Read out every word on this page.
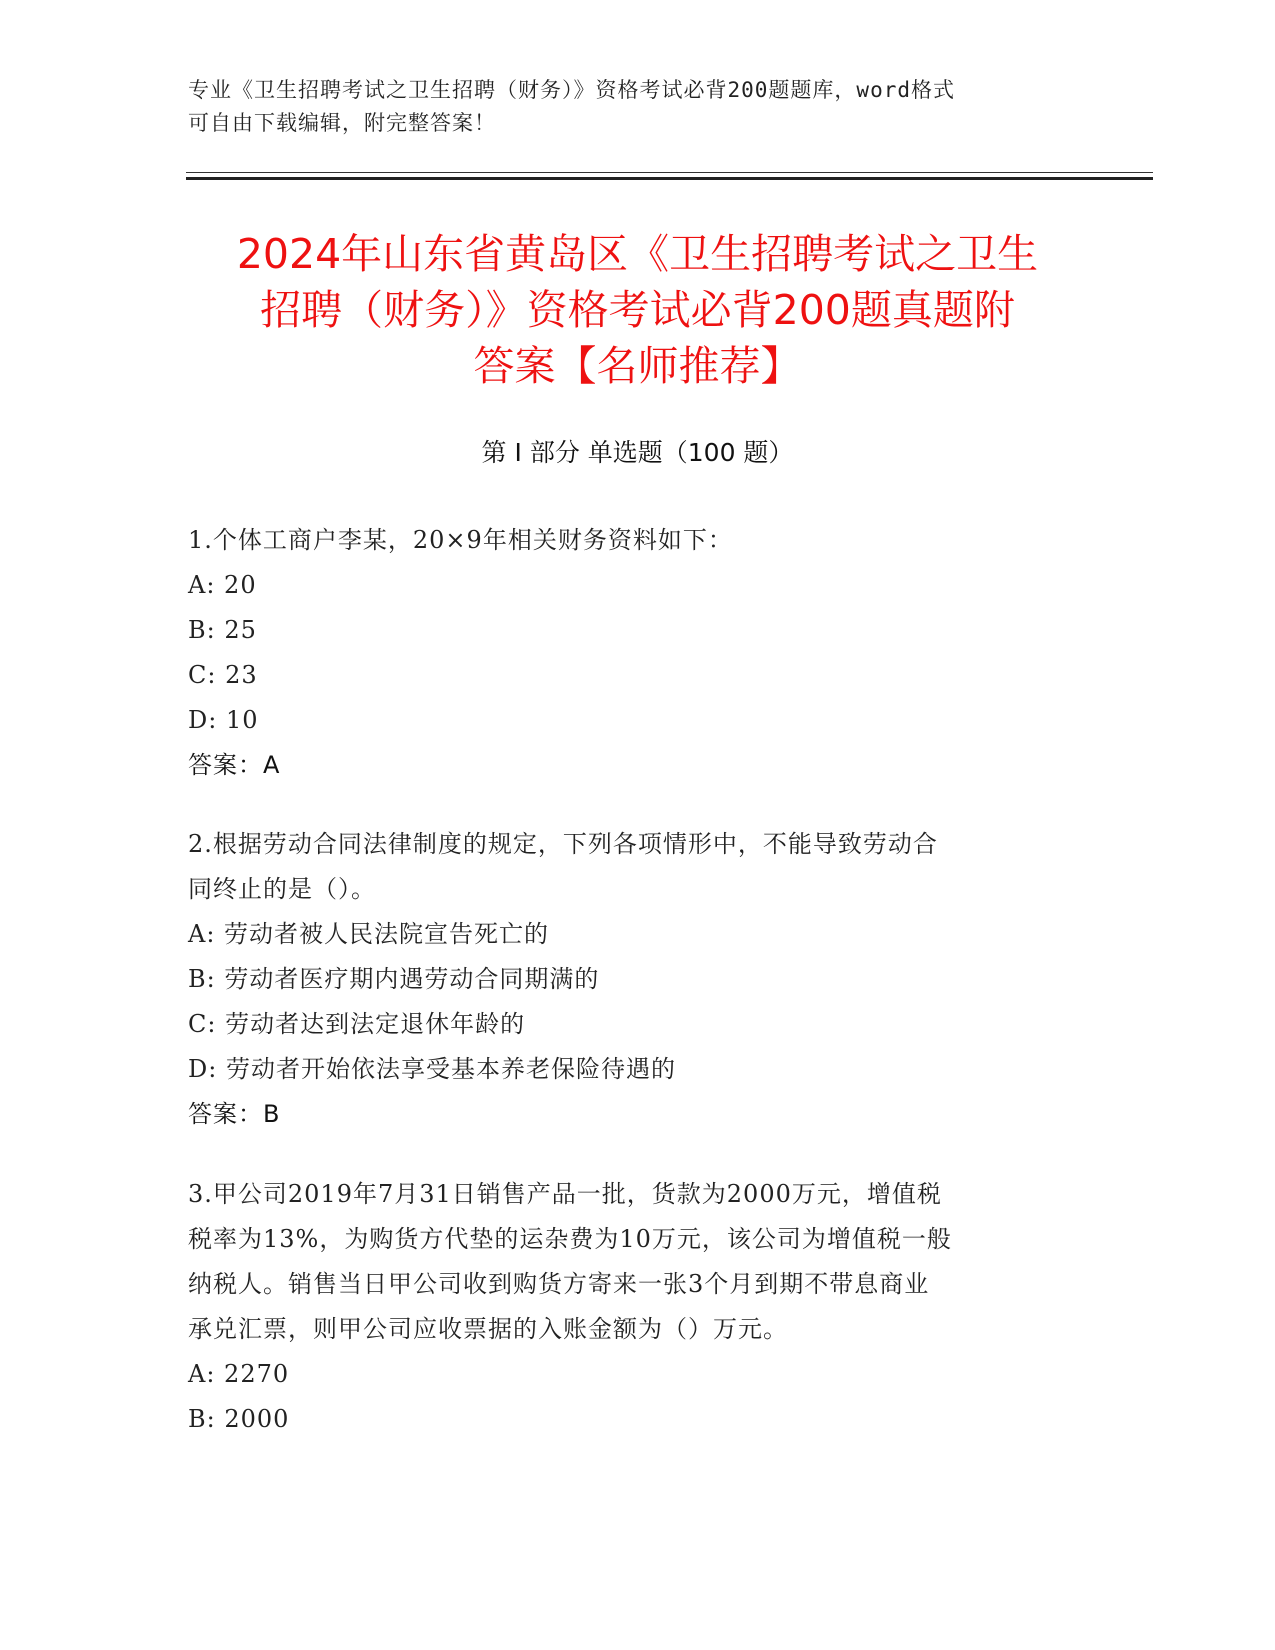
专业《卫生招聘考试之卫生招聘（财务）》资格考试必背200题题库，word格式
可自由下载编辑，附完整答案！
2024年山东省黄岛区《卫生招聘考试之卫生
招聘（财务）》资格考试必背200题真题附
答案【名师推荐】
第 I 部分 单选题（100 题）
1.个体工商户李某，20×9年相关财务资料如下：
A: 20
B: 25
C: 23
D: 10
答案：A
2.根据劳动合同法律制度的规定，下列各项情形中，不能导致劳动合
同终止的是（）。
A: 劳动者被人民法院宣告死亡的
B: 劳动者医疗期内遇劳动合同期满的
C: 劳动者达到法定退休年龄的
D: 劳动者开始依法享受基本养老保险待遇的
答案：B
3.甲公司2019年7月31日销售产品一批，货款为2000万元，增值税
税率为13%，为购货方代垫的运杂费为10万元，该公司为增值税一般
纳税人。销售当日甲公司收到购货方寄来一张3个月到期不带息商业
承兑汇票，则甲公司应收票据的入账金额为（）万元。
A: 2270
B: 2000
